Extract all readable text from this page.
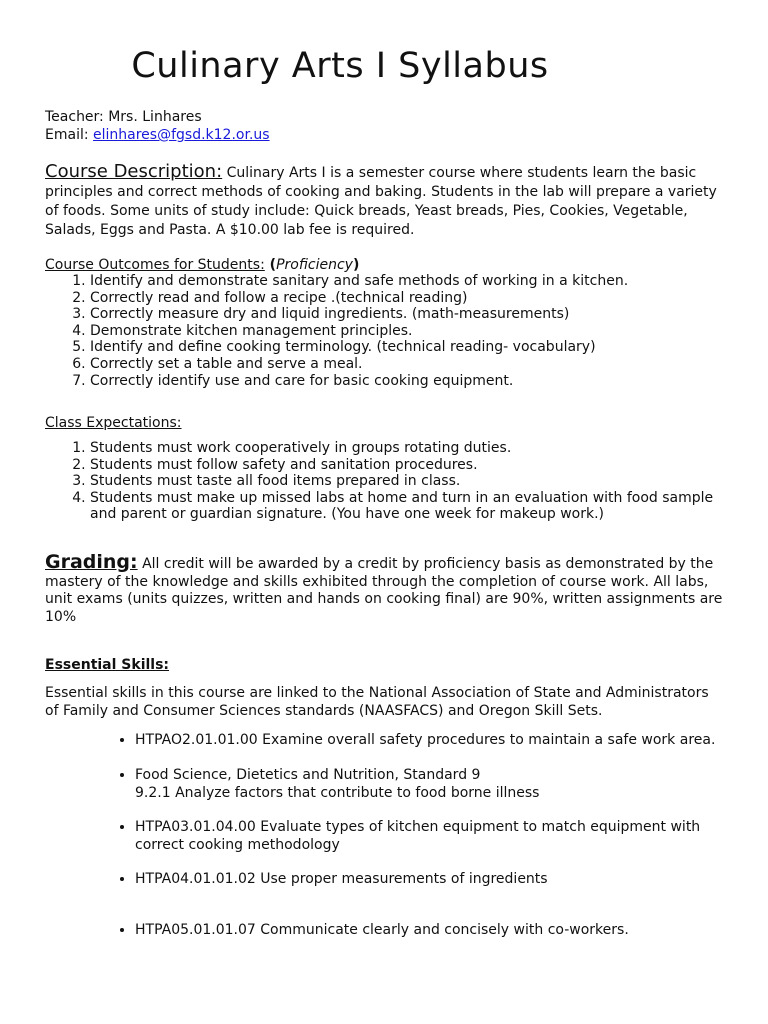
Culinary Arts I Syllabus
Teacher: Mrs. Linhares
Email: elinhares@fgsd.k12.or.us
Course Description: Culinary Arts I is a semester course where students learn the basic principles and correct methods of cooking and baking. Students in the lab will prepare a variety of foods. Some units of study include: Quick breads, Yeast breads, Pies, Cookies, Vegetable, Salads, Eggs and Pasta. A $10.00 lab fee is required.
Course Outcomes for Students: (Proficiency)
1. Identify and demonstrate sanitary and safe methods of working in a kitchen.
2. Correctly read and follow a recipe .(technical reading)
3. Correctly measure dry and liquid ingredients. (math-measurements)
4. Demonstrate kitchen management principles.
5. Identify and define cooking terminology. (technical reading- vocabulary)
6. Correctly set a table and serve a meal.
7. Correctly identify use and care for basic cooking equipment.
Class Expectations:
1. Students must work cooperatively in groups rotating duties.
2. Students must follow safety and sanitation procedures.
3. Students must taste all food items prepared in class.
4. Students must make up missed labs at home and turn in an evaluation with food sample and parent or guardian signature. (You have one week for makeup work.)
Grading: All credit will be awarded by a credit by proficiency basis as demonstrated by the mastery of the knowledge and skills exhibited through the completion of course work. All labs, unit exams (units quizzes, written and hands on cooking final) are 90%, written assignments are 10%
Essential Skills:
Essential skills in this course are linked to the National Association of State and Administrators of Family and Consumer Sciences standards (NAASFACS) and Oregon Skill Sets.
• HTPAO2.01.01.00 Examine overall safety procedures to maintain a safe work area.
• Food Science, Dietetics and Nutrition, Standard 9
9.2.1 Analyze factors that contribute to food borne illness
• HTPA03.01.04.00 Evaluate types of kitchen equipment to match equipment with correct cooking methodology
• HTPA04.01.01.02 Use proper measurements of ingredients
• HTPA05.01.01.07 Communicate clearly and concisely with co-workers.
